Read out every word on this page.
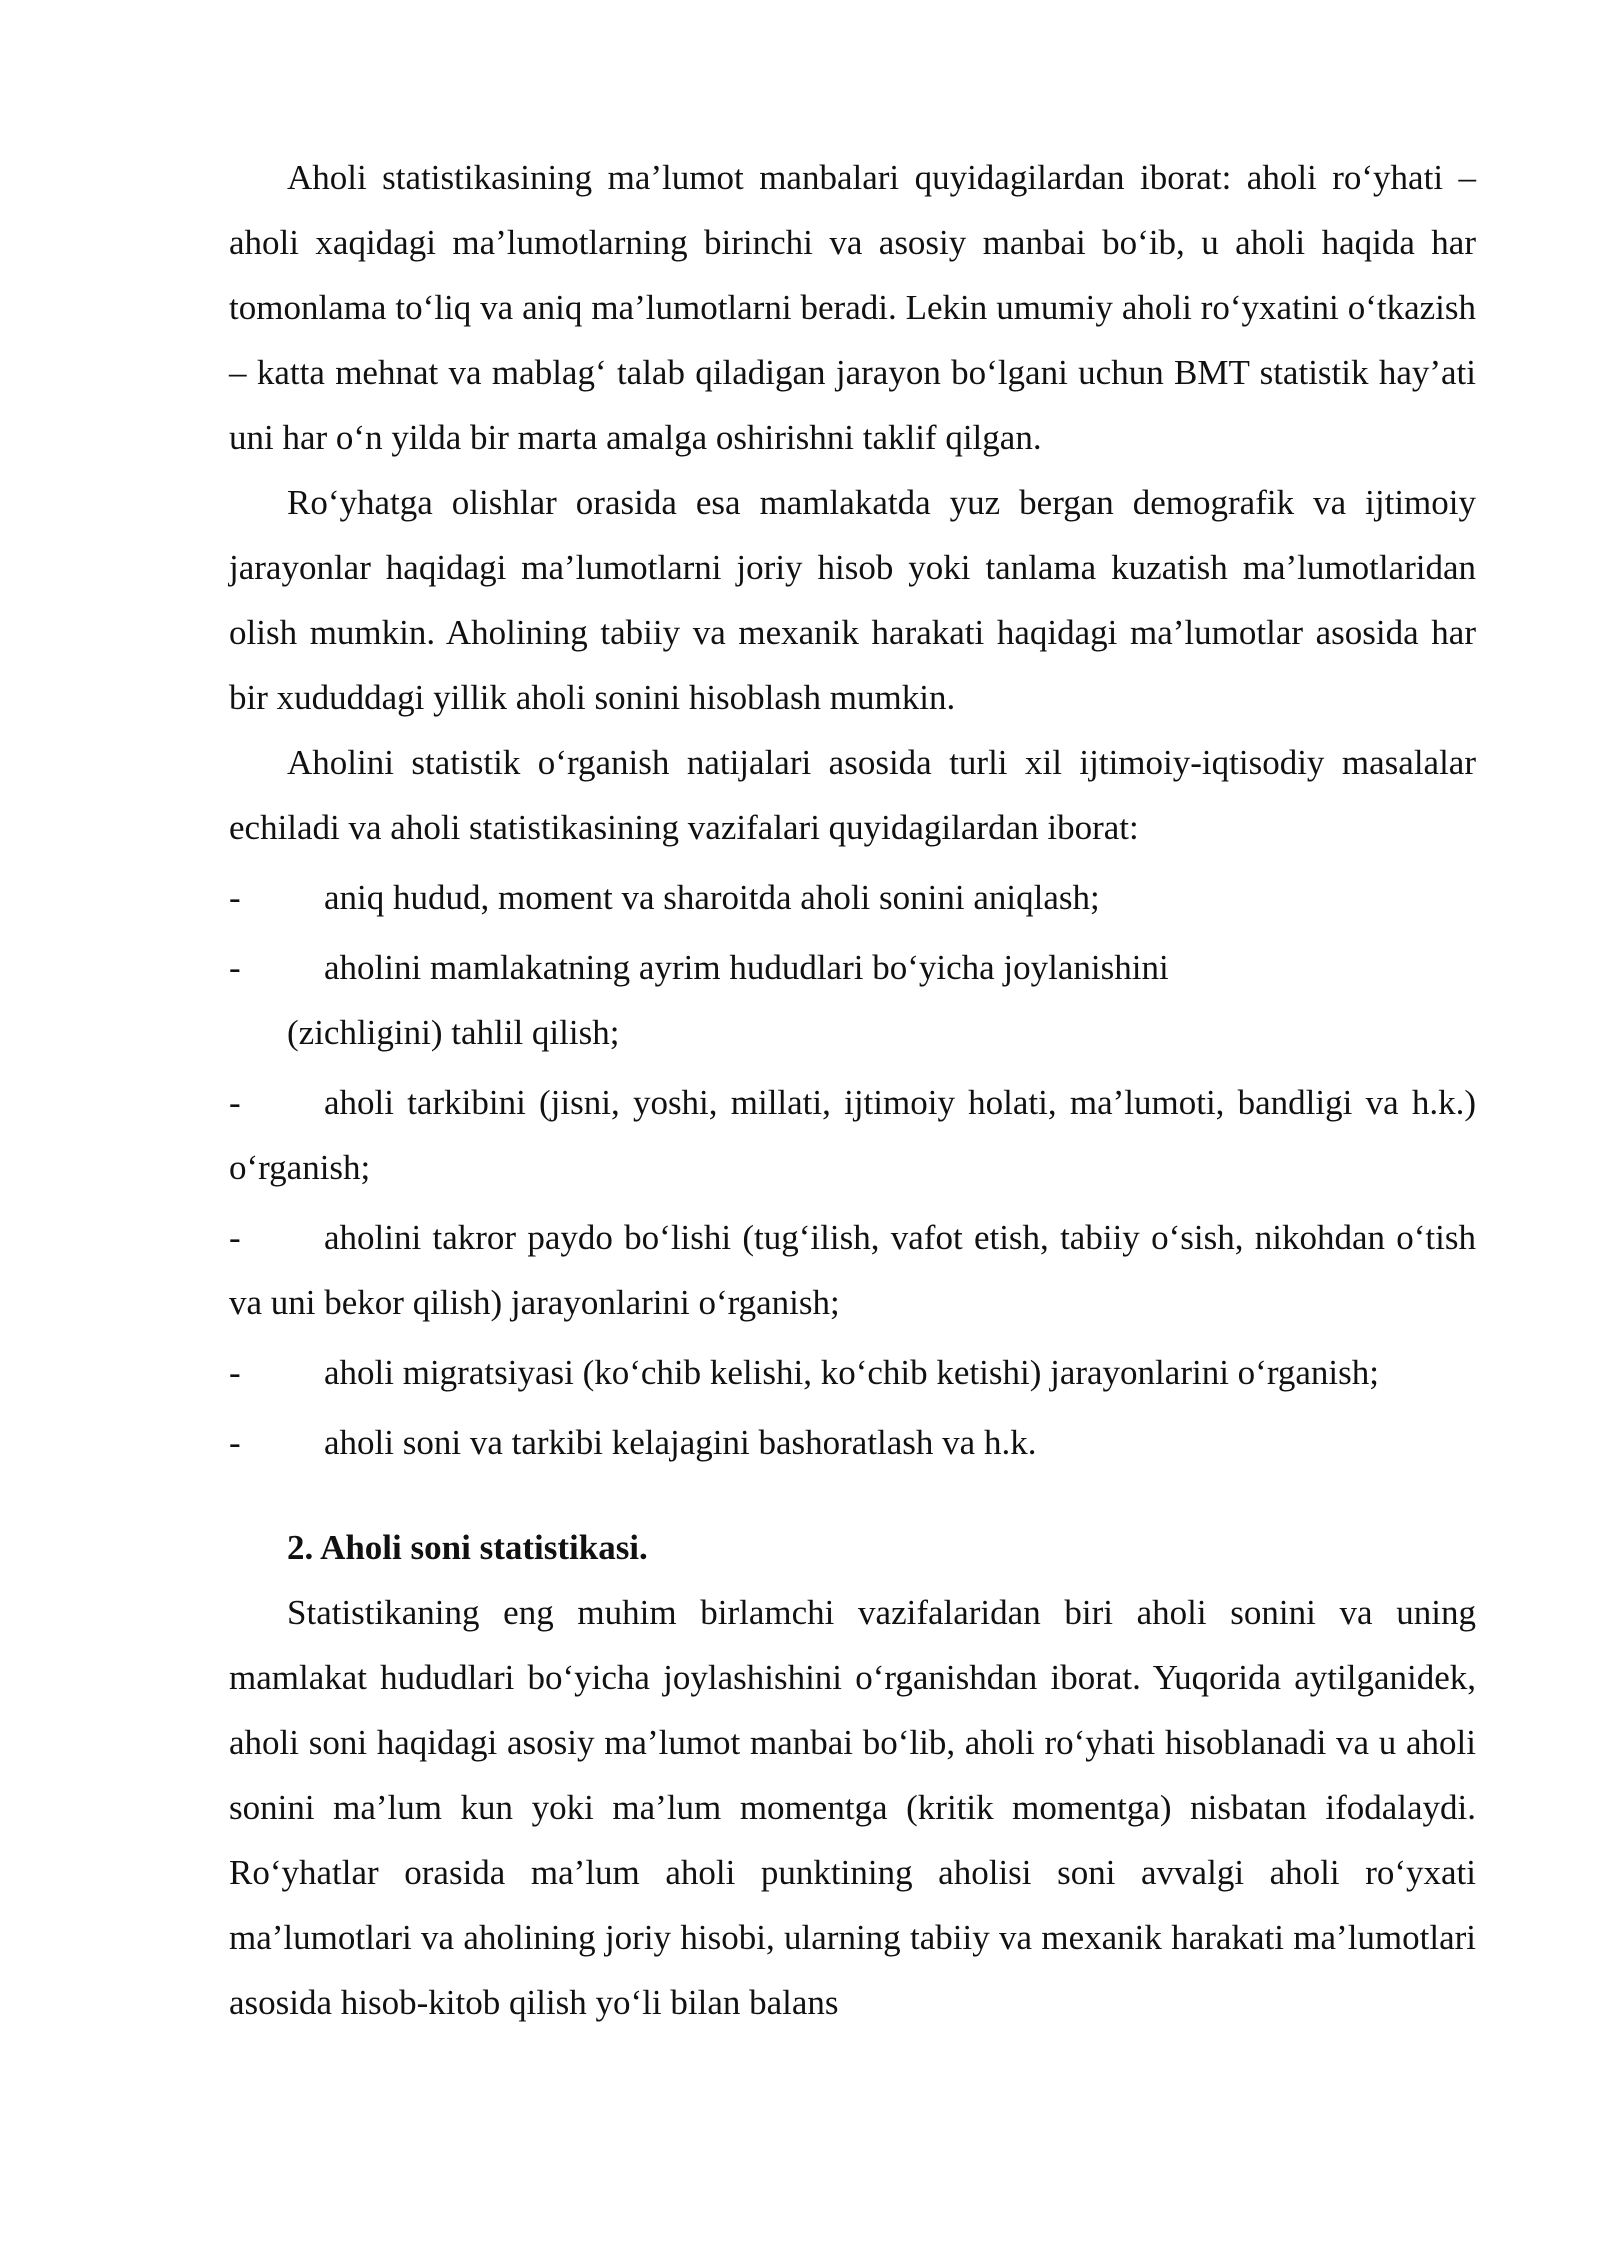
Aholi statistikasining ma’lumot manbalari quyidagilardan iborat: aholi ro‘yhati – aholi xaqidagi ma’lumotlarning birinchi va asosiy manbai bo‘ib, u aholi haqida har tomonlama to‘liq va aniq ma’lumotlarni beradi. Lekin umumiy aholi ro‘yxatini o‘tkazish – katta mehnat va mablag‘ talab qiladigan jarayon bo‘lgani uchun BMT statistik hay’ati uni har o‘n yilda bir marta amalga oshirishni taklif qilgan.

Ro‘yhatga olishlar orasida esa mamlakatda yuz bergan demografik va ijtimoiy jarayonlar haqidagi ma’lumotlarni joriy hisob yoki tanlama kuzatish ma’lumotlaridan olish mumkin. Aholining tabiiy va mexanik harakati haqidagi ma’lumotlar asosida har bir xududdagi yillik aholi sonini hisoblash mumkin.

Aholini statistik o‘rganish natijalari asosida turli xil ijtimoiy-iqtisodiy masalalar echiladi va aholi statistikasining vazifalari quyidagilardan iborat:

- aniq hudud, moment va sharoitda aholi sonini aniqlash;
- aholini mamlakatning ayrim hududlari bo‘yicha joylanishini
(zichligini) tahlil qilish;
- aholi tarkibini (jisni, yoshi, millati, ijtimoiy holati, ma’lumoti, bandligi va h.k.) o‘rganish;
- aholini takror paydo bo‘lishi (tug‘ilish, vafot etish, tabiiy o‘sish, nikohdan o‘tish va uni bekor qilish) jarayonlarini o‘rganish;
- aholi migratsiyasi (ko‘chib kelishi, ko‘chib ketishi) jarayonlarini o‘rganish;
- aholi soni va tarkibi kelajagini bashoratlash va h.k.

2. Aholi soni statistikasi.

Statistikaning eng muhim birlamchi vazifalaridan biri aholi sonini va uning mamlakat hududlari bo‘yicha joylashishini o‘rganishdan iborat. Yuqorida aytilganidek, aholi soni haqidagi asosiy ma’lumot manbai bo‘lib, aholi ro‘yhati hisoblanadi va u aholi sonini ma’lum kun yoki ma’lum momentga (kritik momentga) nisbatan ifodalaydi. Ro‘yhatlar orasida ma’lum aholi punktining aholisi soni avvalgi aholi ro‘yxati ma’lumotlari va aholining joriy hisobi, ularning tabiiy va mexanik harakati ma’lumotlari asosida hisob-kitob qilish yo‘li bilan balans
